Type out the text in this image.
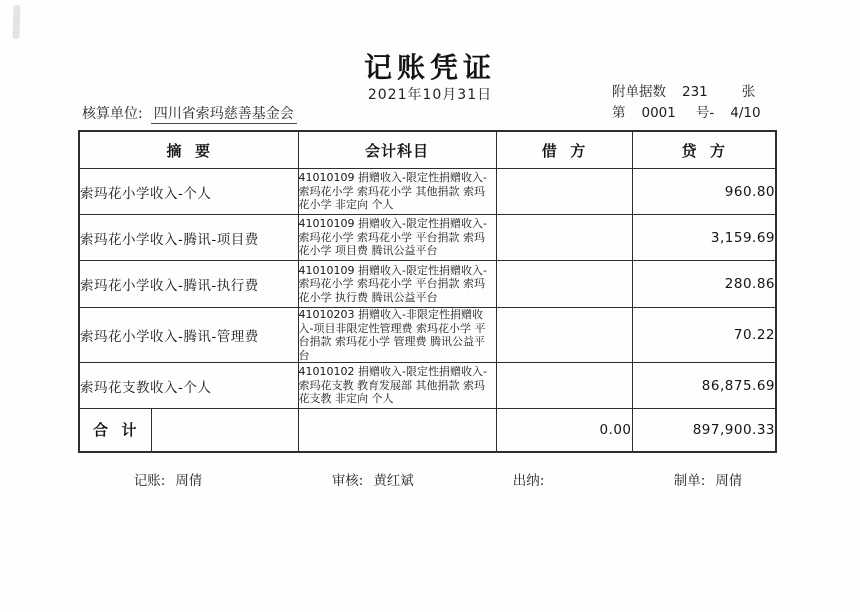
记账凭证
2021年10月31日	附单据数 231	张
第 0001 号- 4/10
核算单位: 四川省索玛慈善基金会
摘  要		会计科目	借  方	贷  方
索玛花小学收入-个人		41010109 捐赠收入-限定性捐赠收入-索玛花小学 索玛花小学 其他捐款 索玛花小学 非定向 个人		960.80
索玛花小学收入-腾讯-项目费		41010109 捐赠收入-限定性捐赠收入-索玛花小学 索玛花小学 平台捐款 索玛花小学 项目费 腾讯公益平台		3,159.69
索玛花小学收入-腾讯-执行费		41010109 捐赠收入-限定性捐赠收入-索玛花小学 索玛花小学 平台捐款 索玛花小学 执行费 腾讯公益平台		280.86
索玛花小学收入-腾讯-管理费		41010203 捐赠收入-非限定性捐赠收入-项目非限定性管理费 索玛花小学 平台捐款 索玛花小学 管理费 腾讯公益平台		70.22
索玛花支教收入-个人		41010102 捐赠收入-限定性捐赠收入-索玛花支教 教育发展部 其他捐款 索玛花支教 非定向 个人		86,875.69
合  计			0.00	897,900.33

记账: 周倩
	审核: 黄红斌
	出纳:
	制单: 周倩
